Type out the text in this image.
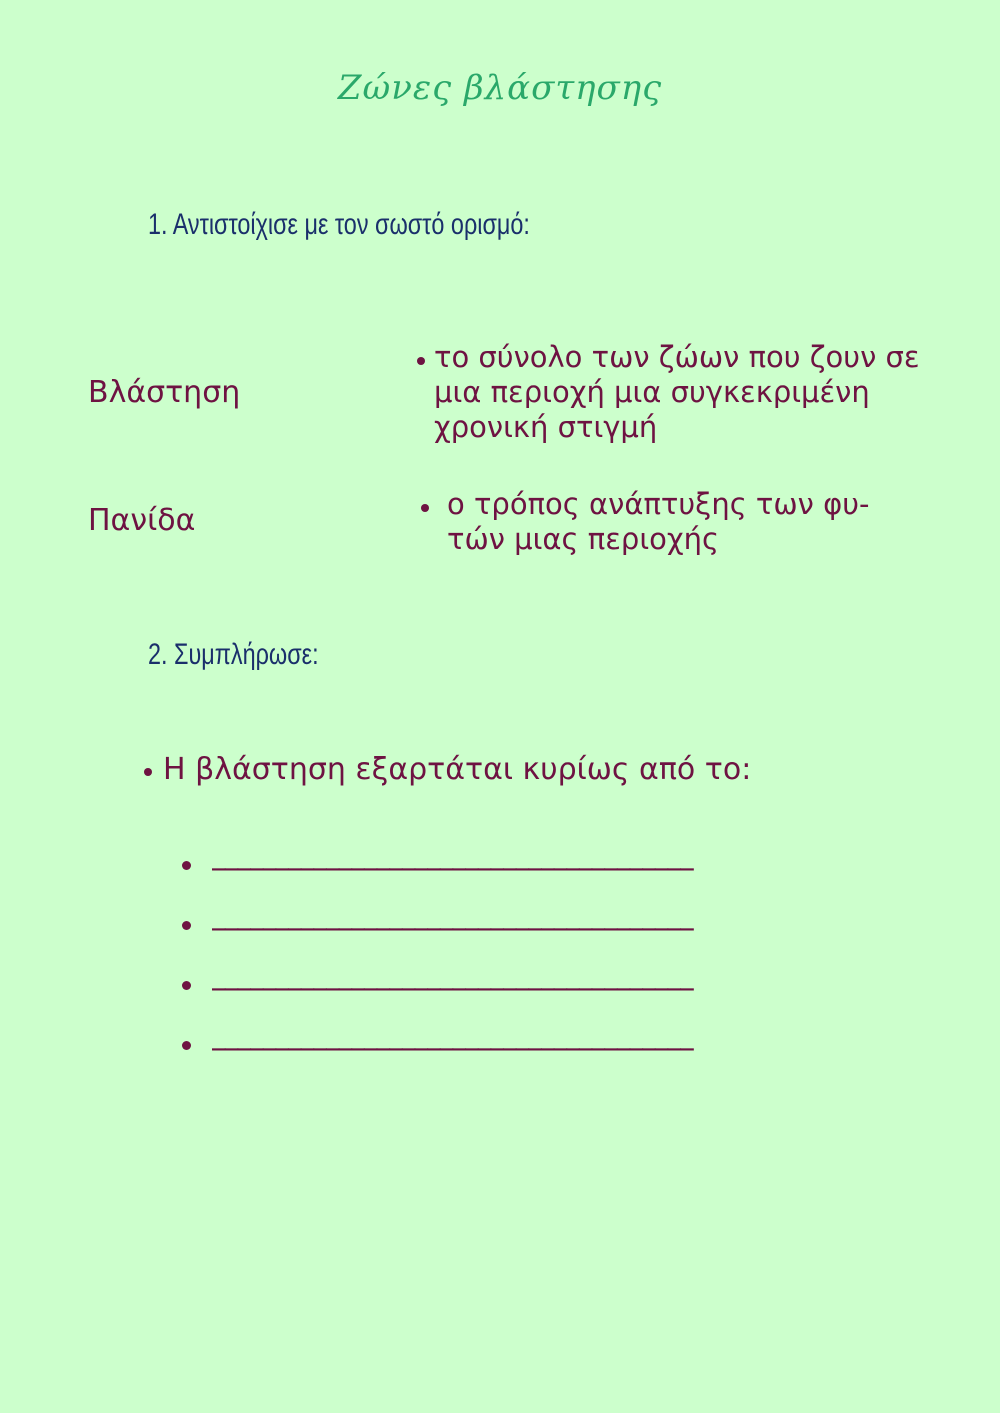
Ζώνες βλάστησης
1. Αντιστοίχισε με τον σωστό ορισμό:
Βλάστηση
Πανίδα
το σύνολο των ζώων που ζουν σε μια περιοχή μια συγκεκριμένη χρονική στιγμή
ο τρόπος ανάπτυξης των φυ-τών μιας περιοχής
2. Συμπλήρωσε:
Η βλάστηση εξαρτάται κυρίως από το:
______________________________________
______________________________________
______________________________________
______________________________________
